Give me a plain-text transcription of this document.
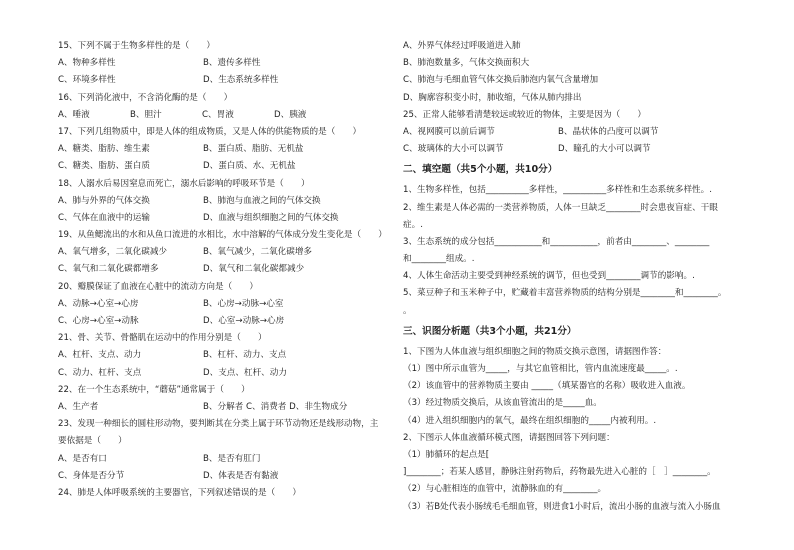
15、下列不属于生物多样性的是（　　）
A、物种多样性	B、遗传多样性
C、环境多样性	D、生态系统多样性
16、下列消化液中，不含消化酶的是（　　）
A、唾液	B、胆汁	C、胃液	D、胰液
17、下列几组物质中，即是人体的组成物质，又是人体的供能物质的是（　　）
A、糖类、脂肪、维生素	B、蛋白质、脂肪、无机盐
C、糖类、脂肪、蛋白质	D、蛋白质、水、无机盐
18、人溺水后易因窒息而死亡，溺水后影响的呼吸环节是（　　）
A、肺与外界的气体交换	B、肺泡与血液之间的气体交换
C、气体在血液中的运输	D、血液与组织细胞之间的气体交换
19、从鱼鳃流出的水和从鱼口流进的水相比，水中溶解的气体成分发生变化是（　　）
A、氧气增多，二氧化碳减少	B、氧气减少，二氧化碳增多
C、氧气和二氧化碳都增多	D、氧气和二氧化碳都减少
20、瓣膜保证了血液在心脏中的流动方向是（　　）
A、动脉→心室→心房	B、心房→动脉→心室
C、心房→心室→动脉	D、心室→动脉→心房
21、骨、关节、骨骼肌在运动中的作用分别是（　　）
A、杠杆、支点、动力	B、杠杆、动力、支点
C、动力、杠杆、支点	D、支点、杠杆、动力
22、在一个生态系统中，“蘑菇”通常属于（　　）
A、生产者	B、分解者 C、消费者 D、非生物成分
23、发现一种细长的圆柱形动物，要判断其在分类上属于环节动物还是线形动物，主
要依据是（　　）
A、是否有口	B、是否有肛门
C、身体是否分节	D、体表是否有黏液
24、肺是人体呼吸系统的主要器官，下列叙述错误的是（　　）
A、外界气体经过呼吸道进入肺
B、肺泡数量多，气体交换面积大
C、肺泡与毛细血管气体交换后肺泡内氧气含量增加
D、胸廓容积变小时，肺收缩，气体从肺内排出
25、正常人能够看清楚较远或较近的物体，主要是因为（　　）
A、视网膜可以前后调节	B、晶状体的凸度可以调节
C、玻璃体的大小可以调节	D、瞳孔的大小可以调节
二、填空题（共5个小题，共10分）
1、生物多样性，包括__________多样性，__________多样性和生态系统多样性。.
2、维生素是人体必需的一类营养物质，人体一旦缺乏________时会患夜盲症、干眼
症。.
3、生态系统的成分包括___________和___________，前者由________、________
和________组成。.
4、人体生命活动主要受到神经系统的调节，但也受到________调节的影响。.
5、菜豆种子和玉米种子中，贮藏着丰富营养物质的结构分别是________和________。
。
三、识图分析题（共3个小题，共21分）
1、下图为人体血液与组织细胞之间的物质交换示意图，请据图作答：
（1）图中所示血管为_____，与其它血管相比，管内血流速度最_____。.
（2）该血管中的营养物质主要由 _____（填某器官的名称）吸收进入血液。
（3）经过物质交换后，从该血管流出的是_____血。
（4）进入组织细胞内的氧气，最终在组织细胞的_____内被利用。.
2、下图示人体血液循环模式图，请据图回答下列问题：
（1）肺循环的起点是[
]________；若某人感冒，静脉注射药物后，药物最先进入心脏的［　］________。
（2）与心脏相连的血管中，流静脉血的有________。
（3）若B处代表小肠绒毛毛细血管，则进食1小时后，流出小肠的血液与流入小肠血
